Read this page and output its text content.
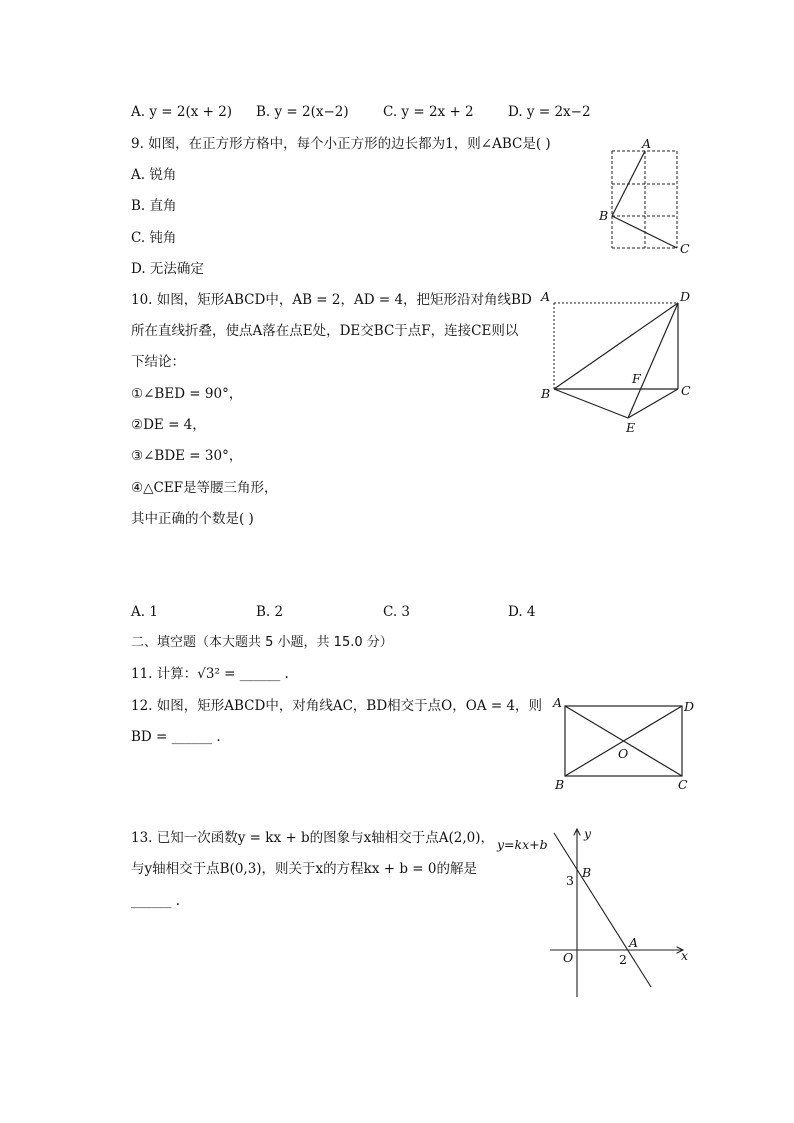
A. y = 2(x + 2) B. y = 2(x−2)	C. y = 2x + 2	D. y = 2x−2
9. 如图，在正方形方格中，每个小正方形的边长都为1，则∠ABC是( )
A. 锐角
B. 直角
C. 钝角
D. 无法确定
A
B
C
10. 如图，矩形ABCD中，AB = 2，AD = 4，把矩形沿对角线BD
所在直线折叠，使点A落在点E处，DE交BC于点F，连接CE则以
下结论：
①∠BED = 90°，
②DE = 4，
③∠BDE = 30°，
④△CEF是等腰三角形，
其中正确的个数是( )
A	D
B	C
F
E
A. 1	B. 2	C. 3	D. 4
二、填空题（本大题共 5 小题，共 15.0 分）
11. 计算：√3² = ______ .
12. 如图，矩形ABCD中，对角线AC，BD相交于点O，OA = 4，则
BD = ______ .
A	D
B	C
O
13. 已知一次函数y = kx + b的图象与x轴相交于点A(2,0)，
与y轴相交于点B(0,3)，则关于x的方程kx + b = 0的解是
______ .
y=kx+b
y
x
O
3
B
A
2
